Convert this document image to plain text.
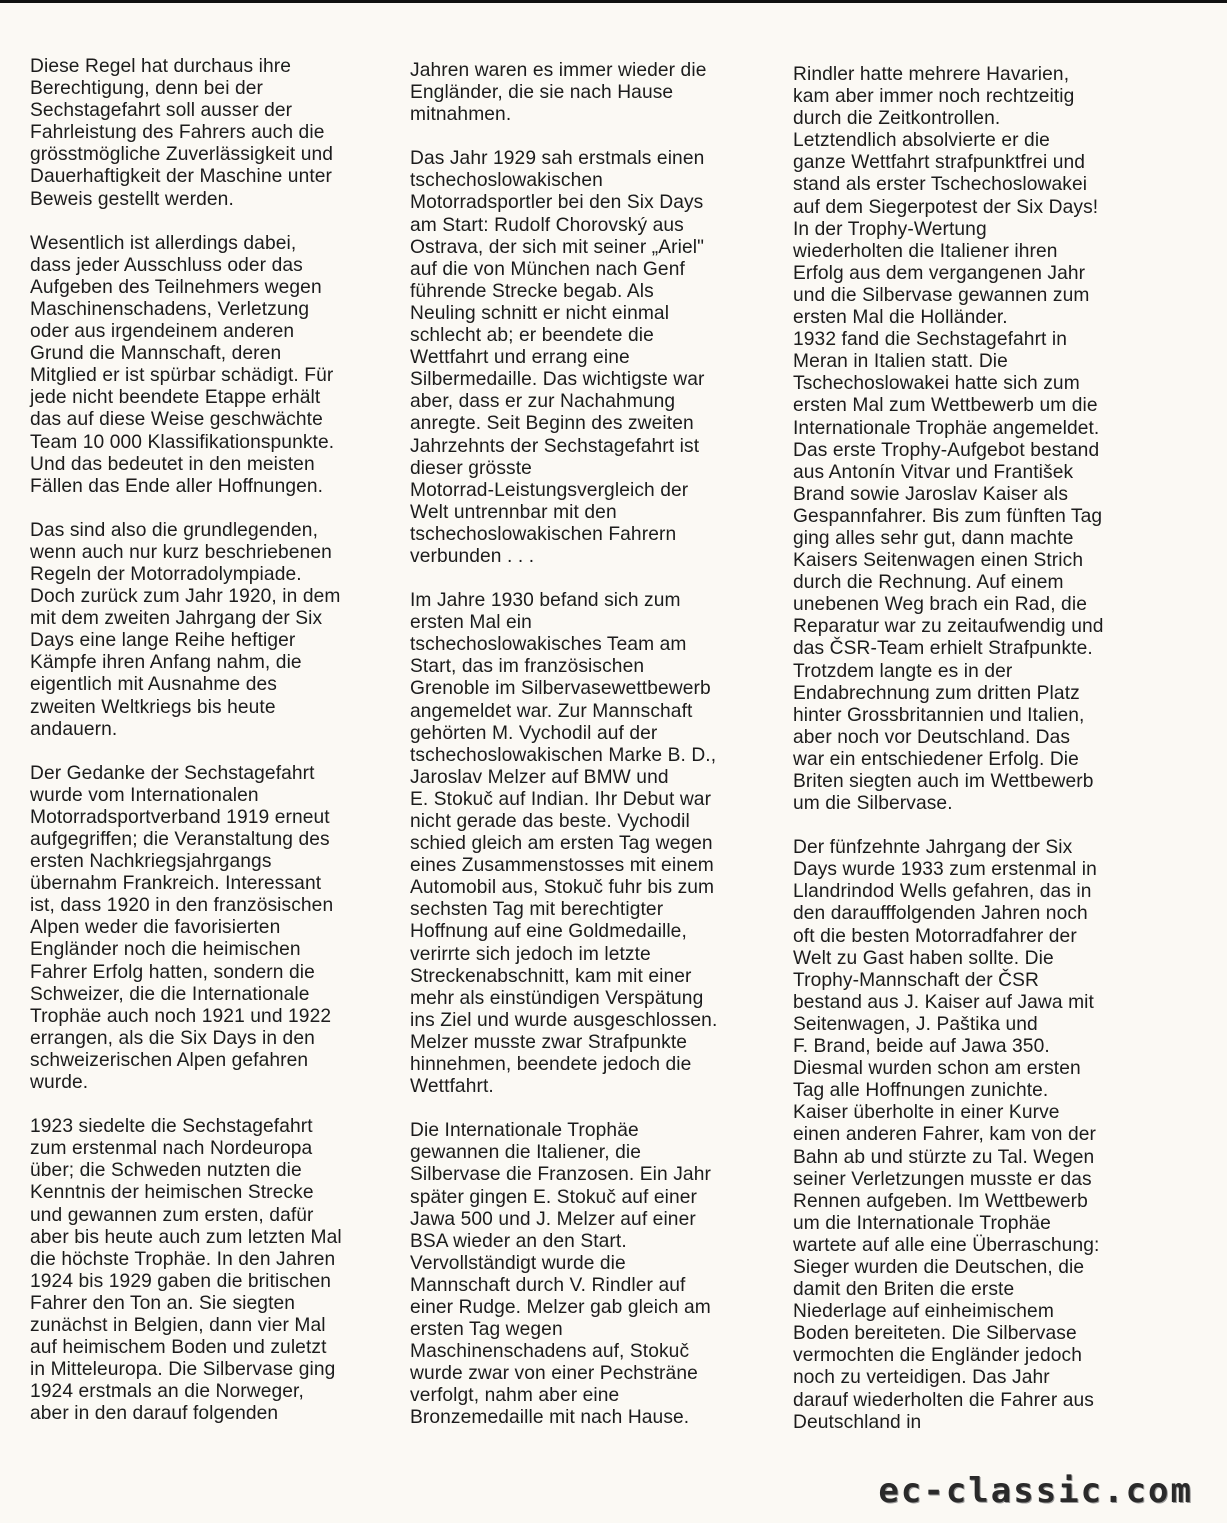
Diese Regel hat durchaus ihre
Berechtigung, denn bei der
Sechstagefahrt soll ausser der
Fahrleistung des Fahrers auch die
grösstmögliche Zuverlässigkeit und
Dauerhaftigkeit der Maschine unter
Beweis gestellt werden.

Wesentlich ist allerdings dabei,
dass jeder Ausschluss oder das
Aufgeben des Teilnehmers wegen
Maschinenschadens, Verletzung
oder aus irgendeinem anderen
Grund die Mannschaft, deren
Mitglied er ist spürbar schädigt. Für
jede nicht beendete Etappe erhält
das auf diese Weise geschwächte
Team 10 000 Klassifikationspunkte.
Und das bedeutet in den meisten
Fällen das Ende aller Hoffnungen.

Das sind also die grundlegenden,
wenn auch nur kurz beschriebenen
Regeln der Motorradolympiade.
Doch zurück zum Jahr 1920, in dem
mit dem zweiten Jahrgang der Six
Days eine lange Reihe heftiger
Kämpfe ihren Anfang nahm, die
eigentlich mit Ausnahme des
zweiten Weltkriegs bis heute
andauern.

Der Gedanke der Sechstagefahrt
wurde vom Internationalen
Motorradsportverband 1919 erneut
aufgegriffen; die Veranstaltung des
ersten Nachkriegsjahrgangs
übernahm Frankreich. Interessant
ist, dass 1920 in den französischen
Alpen weder die favorisierten
Engländer noch die heimischen
Fahrer Erfolg hatten, sondern die
Schweizer, die die Internationale
Trophäe auch noch 1921 und 1922
errangen, als die Six Days in den
schweizerischen Alpen gefahren
wurde.

1923 siedelte die Sechstagefahrt
zum erstenmal nach Nordeuropa
über; die Schweden nutzten die
Kenntnis der heimischen Strecke
und gewannen zum ersten, dafür
aber bis heute auch zum letzten Mal
die höchste Trophäe. In den Jahren
1924 bis 1929 gaben die britischen
Fahrer den Ton an. Sie siegten
zunächst in Belgien, dann vier Mal
auf heimischem Boden und zuletzt
in Mitteleuropa. Die Silbervase ging
1924 erstmals an die Norweger,
aber in den darauf folgenden

Jahren waren es immer wieder die
Engländer, die sie nach Hause
mitnahmen.

Das Jahr 1929 sah erstmals einen
tschechoslowakischen
Motorradsportler bei den Six Days
am Start: Rudolf Chorovský aus
Ostrava, der sich mit seiner „Ariel"
auf die von München nach Genf
führende Strecke begab. Als
Neuling schnitt er nicht einmal
schlecht ab; er beendete die
Wettfahrt und errang eine
Silbermedaille. Das wichtigste war
aber, dass er zur Nachahmung
anregte. Seit Beginn des zweiten
Jahrzehnts der Sechstagefahrt ist
dieser grösste
Motorrad-Leistungsvergleich der
Welt untrennbar mit den
tschechoslowakischen Fahrern
verbunden . . .

Im Jahre 1930 befand sich zum
ersten Mal ein
tschechoslowakisches Team am
Start, das im französischen
Grenoble im Silbervasewettbewerb
angemeldet war. Zur Mannschaft
gehörten M. Vychodil auf der
tschechoslowakischen Marke B. D.,
Jaroslav Melzer auf BMW und
E. Stokuč auf Indian. Ihr Debut war
nicht gerade das beste. Vychodil
schied gleich am ersten Tag wegen
eines Zusammenstosses mit einem
Automobil aus, Stokuč fuhr bis zum
sechsten Tag mit berechtigter
Hoffnung auf eine Goldmedaille,
verirrte sich jedoch im letzte
Streckenabschnitt, kam mit einer
mehr als einstündigen Verspätung
ins Ziel und wurde ausgeschlossen.
Melzer musste zwar Strafpunkte
hinnehmen, beendete jedoch die
Wettfahrt.

Die Internationale Trophäe
gewannen die Italiener, die
Silbervase die Franzosen. Ein Jahr
später gingen E. Stokuč auf einer
Jawa 500 und J. Melzer auf einer
BSA wieder an den Start.
Vervollständigt wurde die
Mannschaft durch V. Rindler auf
einer Rudge. Melzer gab gleich am
ersten Tag wegen
Maschinenschadens auf, Stokuč
wurde zwar von einer Pechsträne
verfolgt, nahm aber eine
Bronzemedaille mit nach Hause.

Rindler hatte mehrere Havarien,
kam aber immer noch rechtzeitig
durch die Zeitkontrollen.
Letztendlich absolvierte er die
ganze Wettfahrt strafpunktfrei und
stand als erster Tschechoslowakei
auf dem Siegerpotest der Six Days!
In der Trophy-Wertung
wiederholten die Italiener ihren
Erfolg aus dem vergangenen Jahr
und die Silbervase gewannen zum
ersten Mal die Holländer.
1932 fand die Sechstagefahrt in
Meran in Italien statt. Die
Tschechoslowakei hatte sich zum
ersten Mal zum Wettbewerb um die
Internationale Trophäe angemeldet.
Das erste Trophy-Aufgebot bestand
aus Antonín Vitvar und František
Brand sowie Jaroslav Kaiser als
Gespannfahrer. Bis zum fünften Tag
ging alles sehr gut, dann machte
Kaisers Seitenwagen einen Strich
durch die Rechnung. Auf einem
unebenen Weg brach ein Rad, die
Reparatur war zu zeitaufwendig und
das ČSR-Team erhielt Strafpunkte.
Trotzdem langte es in der
Endabrechnung zum dritten Platz
hinter Grossbritannien und Italien,
aber noch vor Deutschland. Das
war ein entschiedener Erfolg. Die
Briten siegten auch im Wettbewerb
um die Silbervase.

Der fünfzehnte Jahrgang der Six
Days wurde 1933 zum erstenmal in
Llandrindod Wells gefahren, das in
den daraufffolgenden Jahren noch
oft die besten Motorradfahrer der
Welt zu Gast haben sollte. Die
Trophy-Mannschaft der ČSR
bestand aus J. Kaiser auf Jawa mit
Seitenwagen, J. Paštika und
F. Brand, beide auf Jawa 350.
Diesmal wurden schon am ersten
Tag alle Hoffnungen zunichte.
Kaiser überholte in einer Kurve
einen anderen Fahrer, kam von der
Bahn ab und stürzte zu Tal. Wegen
seiner Verletzungen musste er das
Rennen aufgeben. Im Wettbewerb
um die Internationale Trophäe
wartete auf alle eine Überraschung:
Sieger wurden die Deutschen, die
damit den Briten die erste
Niederlage auf einheimischem
Boden bereiteten. Die Silbervase
vermochten die Engländer jedoch
noch zu verteidigen. Das Jahr
darauf wiederholten die Fahrer aus
Deutschland in

ec-classic.com
